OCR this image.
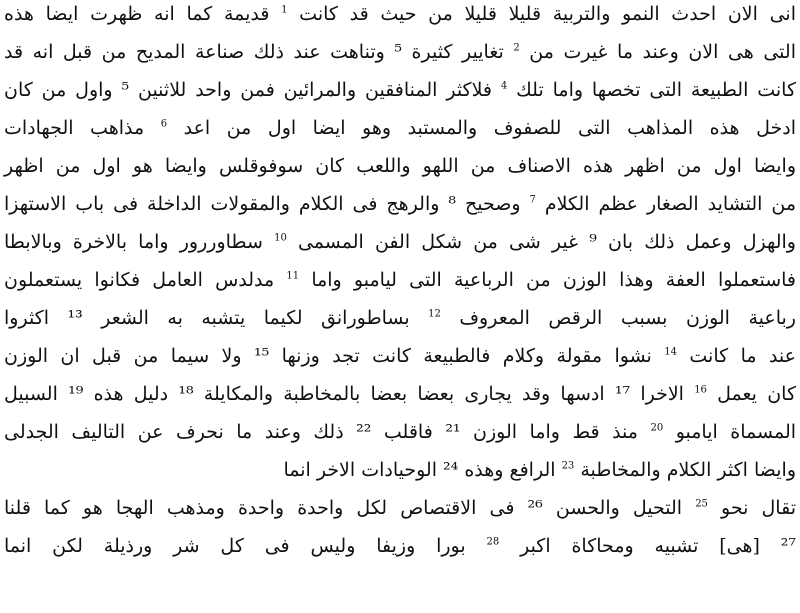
انى الان احدث النمو والتربية قليلا قليلا من حيث قد كانت $^1$ قديمة كما انه ظهرت ايضا هذه
التى هى الان وعند ما غيرت من $^2$ تغايير كثيرة ⁵ وتناهت عند ذلك صناعة المديح من قبل انه قد
كانت الطبيعة التى تخصها واما تلك $^4$ فلاكثر المنافقين والمرائين فمن واحد للاثنين ⁵ واول من كان
ادخل هذه المذاهب التى للصفوف والمستبد وهو ايضا اول من اعد $^6$ مذاهب الجهادات
وايضا اول من اظهر هذه الاصناف من اللهو واللعب كان سوفوقلس وايضا هو اول من اظهر
من التشايد الصغار عظم الكلام $^7$ وصحيح ⁸ والرهج فى الكلام والمقولات الداخلة فى باب الاستهزا
والهزل وعمل ذلك بان ⁹ غير شى من شكل الفن المسمى $^{10}$ سطاوررور واما بالاخرة وبالابطا
فاستعملوا العفة وهذا الوزن من الرباعية التى ليامبو واما $^{11}$ مدلدس العامل فكانوا يستعملون
رباعية الوزن بسبب الرقص المعروف $^{12}$ بساطورانق لكيما يتشبه به الشعر ¹³ اكثروا
عند ما كانت $^{14}$ نشوا مقولة وكلام فالطبيعة كانت تجد وزنها ¹⁵ ولا سيما من قبل ان الوزن
كان يعمل $^{16}$ الاخرا ¹⁷ ادسها وقد يجارى بعضا بعضا بالمخاطبة والمكايلة ¹⁸ دليل هذه ¹⁹ السبيل
المسماة ايامبو $^{20}$ منذ قط واما الوزن ²¹ فاقلب ²² ذلك وعند ما نحرف عن التاليف الجدلى
وايضا اكثر الكلام والمخاطبة $^{23}$ الرافع وهذه ²⁴ الوحيادات الاخر انما
تقال نحو $^{25}$ التحيل والحسن ²⁶ فى الاقتصاص لكل واحدة واحدة ومذهب الهجا هو كما قلنا
²⁷ [هى] تشبيه ومحاكاة اكبر $^{28}$ بورا وزيفا وليس فى كل شر ورذيلة لكن انما
